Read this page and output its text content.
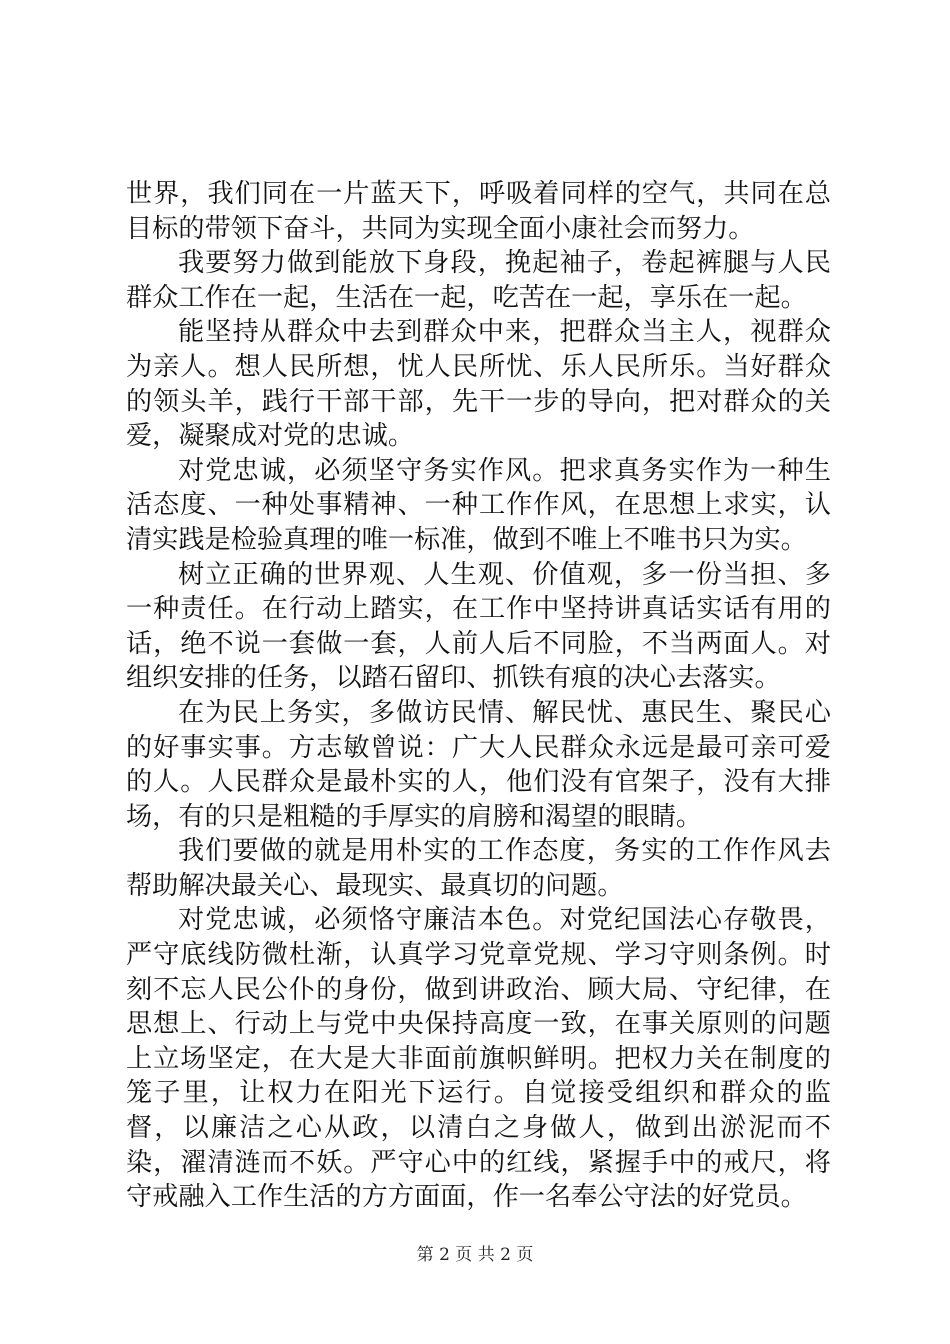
世界，我们同在一片蓝天下，呼吸着同样的空气，共同在总目标的带领下奋斗，共同为实现全面小康社会而努力。

我要努力做到能放下身段，挽起袖子，卷起裤腿与人民群众工作在一起，生活在一起，吃苦在一起，享乐在一起。

能坚持从群众中去到群众中来，把群众当主人，视群众为亲人。想人民所想，忧人民所忧、乐人民所乐。当好群众的领头羊，践行干部干部，先干一步的导向，把对群众的关爱，凝聚成对党的忠诚。

对党忠诚，必须坚守务实作风。把求真务实作为一种生活态度、一种处事精神、一种工作作风，在思想上求实，认清实践是检验真理的唯一标准，做到不唯上不唯书只为实。

树立正确的世界观、人生观、价值观，多一份当担、多一种责任。在行动上踏实，在工作中坚持讲真话实话有用的话，绝不说一套做一套，人前人后不同脸，不当两面人。对组织安排的任务，以踏石留印、抓铁有痕的决心去落实。

在为民上务实，多做访民情、解民忧、惠民生、聚民心的好事实事。方志敏曾说：广大人民群众永远是最可亲可爱的人。人民群众是最朴实的人，他们没有官架子，没有大排场，有的只是粗糙的手厚实的肩膀和渴望的眼睛。

我们要做的就是用朴实的工作态度，务实的工作作风去帮助解决最关心、最现实、最真切的问题。

对党忠诚，必须恪守廉洁本色。对党纪国法心存敬畏，严守底线防微杜渐，认真学习党章党规、学习守则条例。时刻不忘人民公仆的身份，做到讲政治、顾大局、守纪律，在思想上、行动上与党中央保持高度一致，在事关原则的问题上立场坚定，在大是大非面前旗帜鲜明。把权力关在制度的笼子里，让权力在阳光下运行。自觉接受组织和群众的监督，以廉洁之心从政，以清白之身做人，做到出淤泥而不染，濯清涟而不妖。严守心中的红线，紧握手中的戒尺，将守戒融入工作生活的方方面面，作一名奉公守法的好党员。

第 2 页 共 2 页
